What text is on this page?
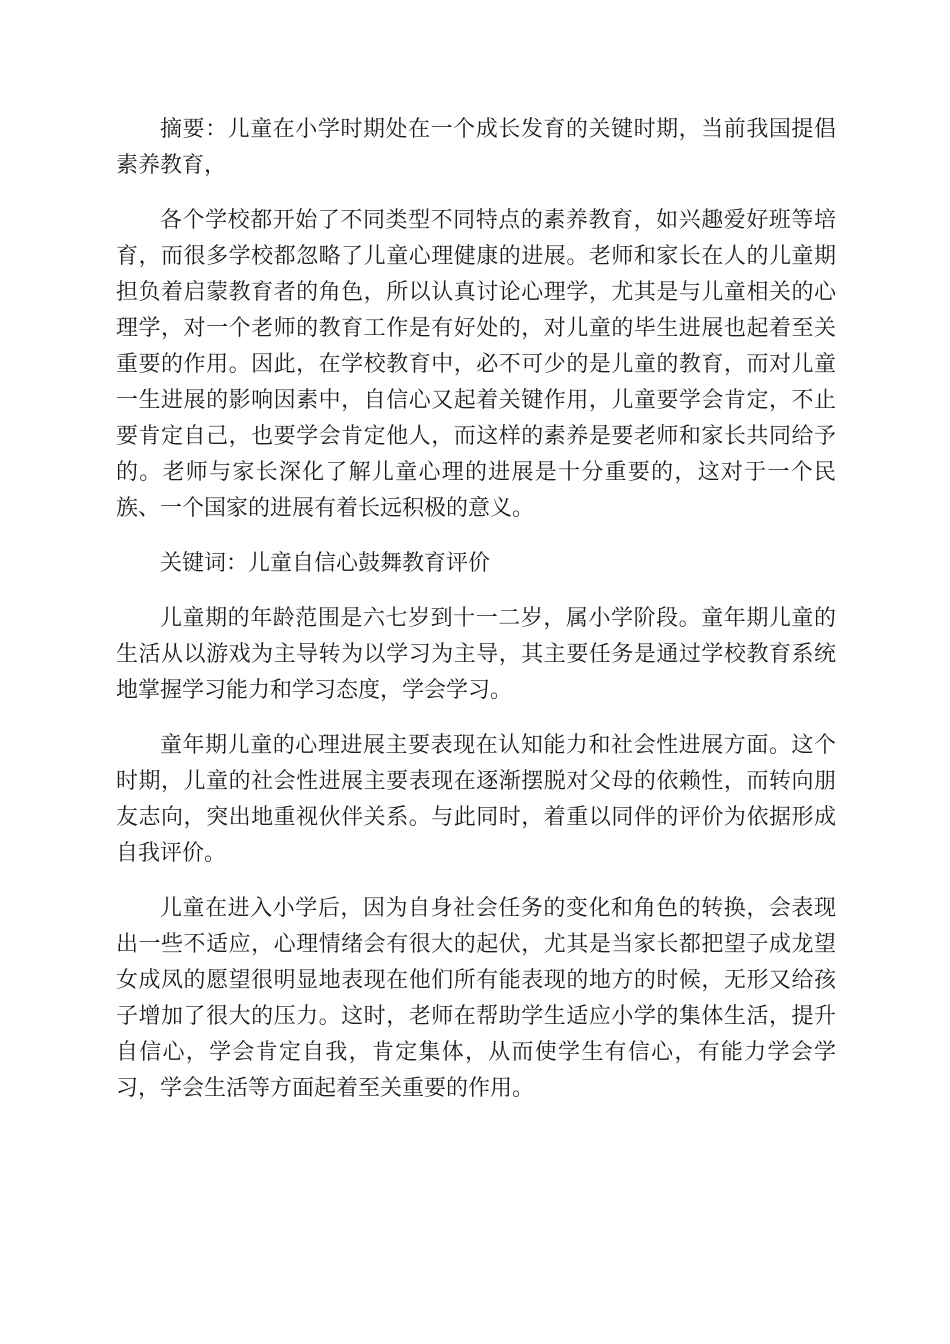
摘要：儿童在小学时期处在一个成长发育的关键时期，当前我国提倡素养教育，

各个学校都开始了不同类型不同特点的素养教育，如兴趣爱好班等培育，而很多学校都忽略了儿童心理健康的进展。老师和家长在人的儿童期担负着启蒙教育者的角色，所以认真讨论心理学，尤其是与儿童相关的心理学，对一个老师的教育工作是有好处的，对儿童的毕生进展也起着至关重要的作用。因此，在学校教育中，必不可少的是儿童的教育，而对儿童一生进展的影响因素中，自信心又起着关键作用，儿童要学会肯定，不止要肯定自己，也要学会肯定他人，而这样的素养是要老师和家长共同给予的。老师与家长深化了解儿童心理的进展是十分重要的，这对于一个民族、一个国家的进展有着长远积极的意义。

关键词：儿童自信心鼓舞教育评价

儿童期的年龄范围是六七岁到十一二岁，属小学阶段。童年期儿童的生活从以游戏为主导转为以学习为主导，其主要任务是通过学校教育系统地掌握学习能力和学习态度，学会学习。

童年期儿童的心理进展主要表现在认知能力和社会性进展方面。这个时期，儿童的社会性进展主要表现在逐渐摆脱对父母的依赖性，而转向朋友志向，突出地重视伙伴关系。与此同时，着重以同伴的评价为依据形成自我评价。

儿童在进入小学后，因为自身社会任务的变化和角色的转换，会表现出一些不适应，心理情绪会有很大的起伏，尤其是当家长都把望子成龙望女成凤的愿望很明显地表现在他们所有能表现的地方的时候，无形又给孩子增加了很大的压力。这时，老师在帮助学生适应小学的集体生活，提升自信心，学会肯定自我，肯定集体，从而使学生有信心，有能力学会学习，学会生活等方面起着至关重要的作用。
